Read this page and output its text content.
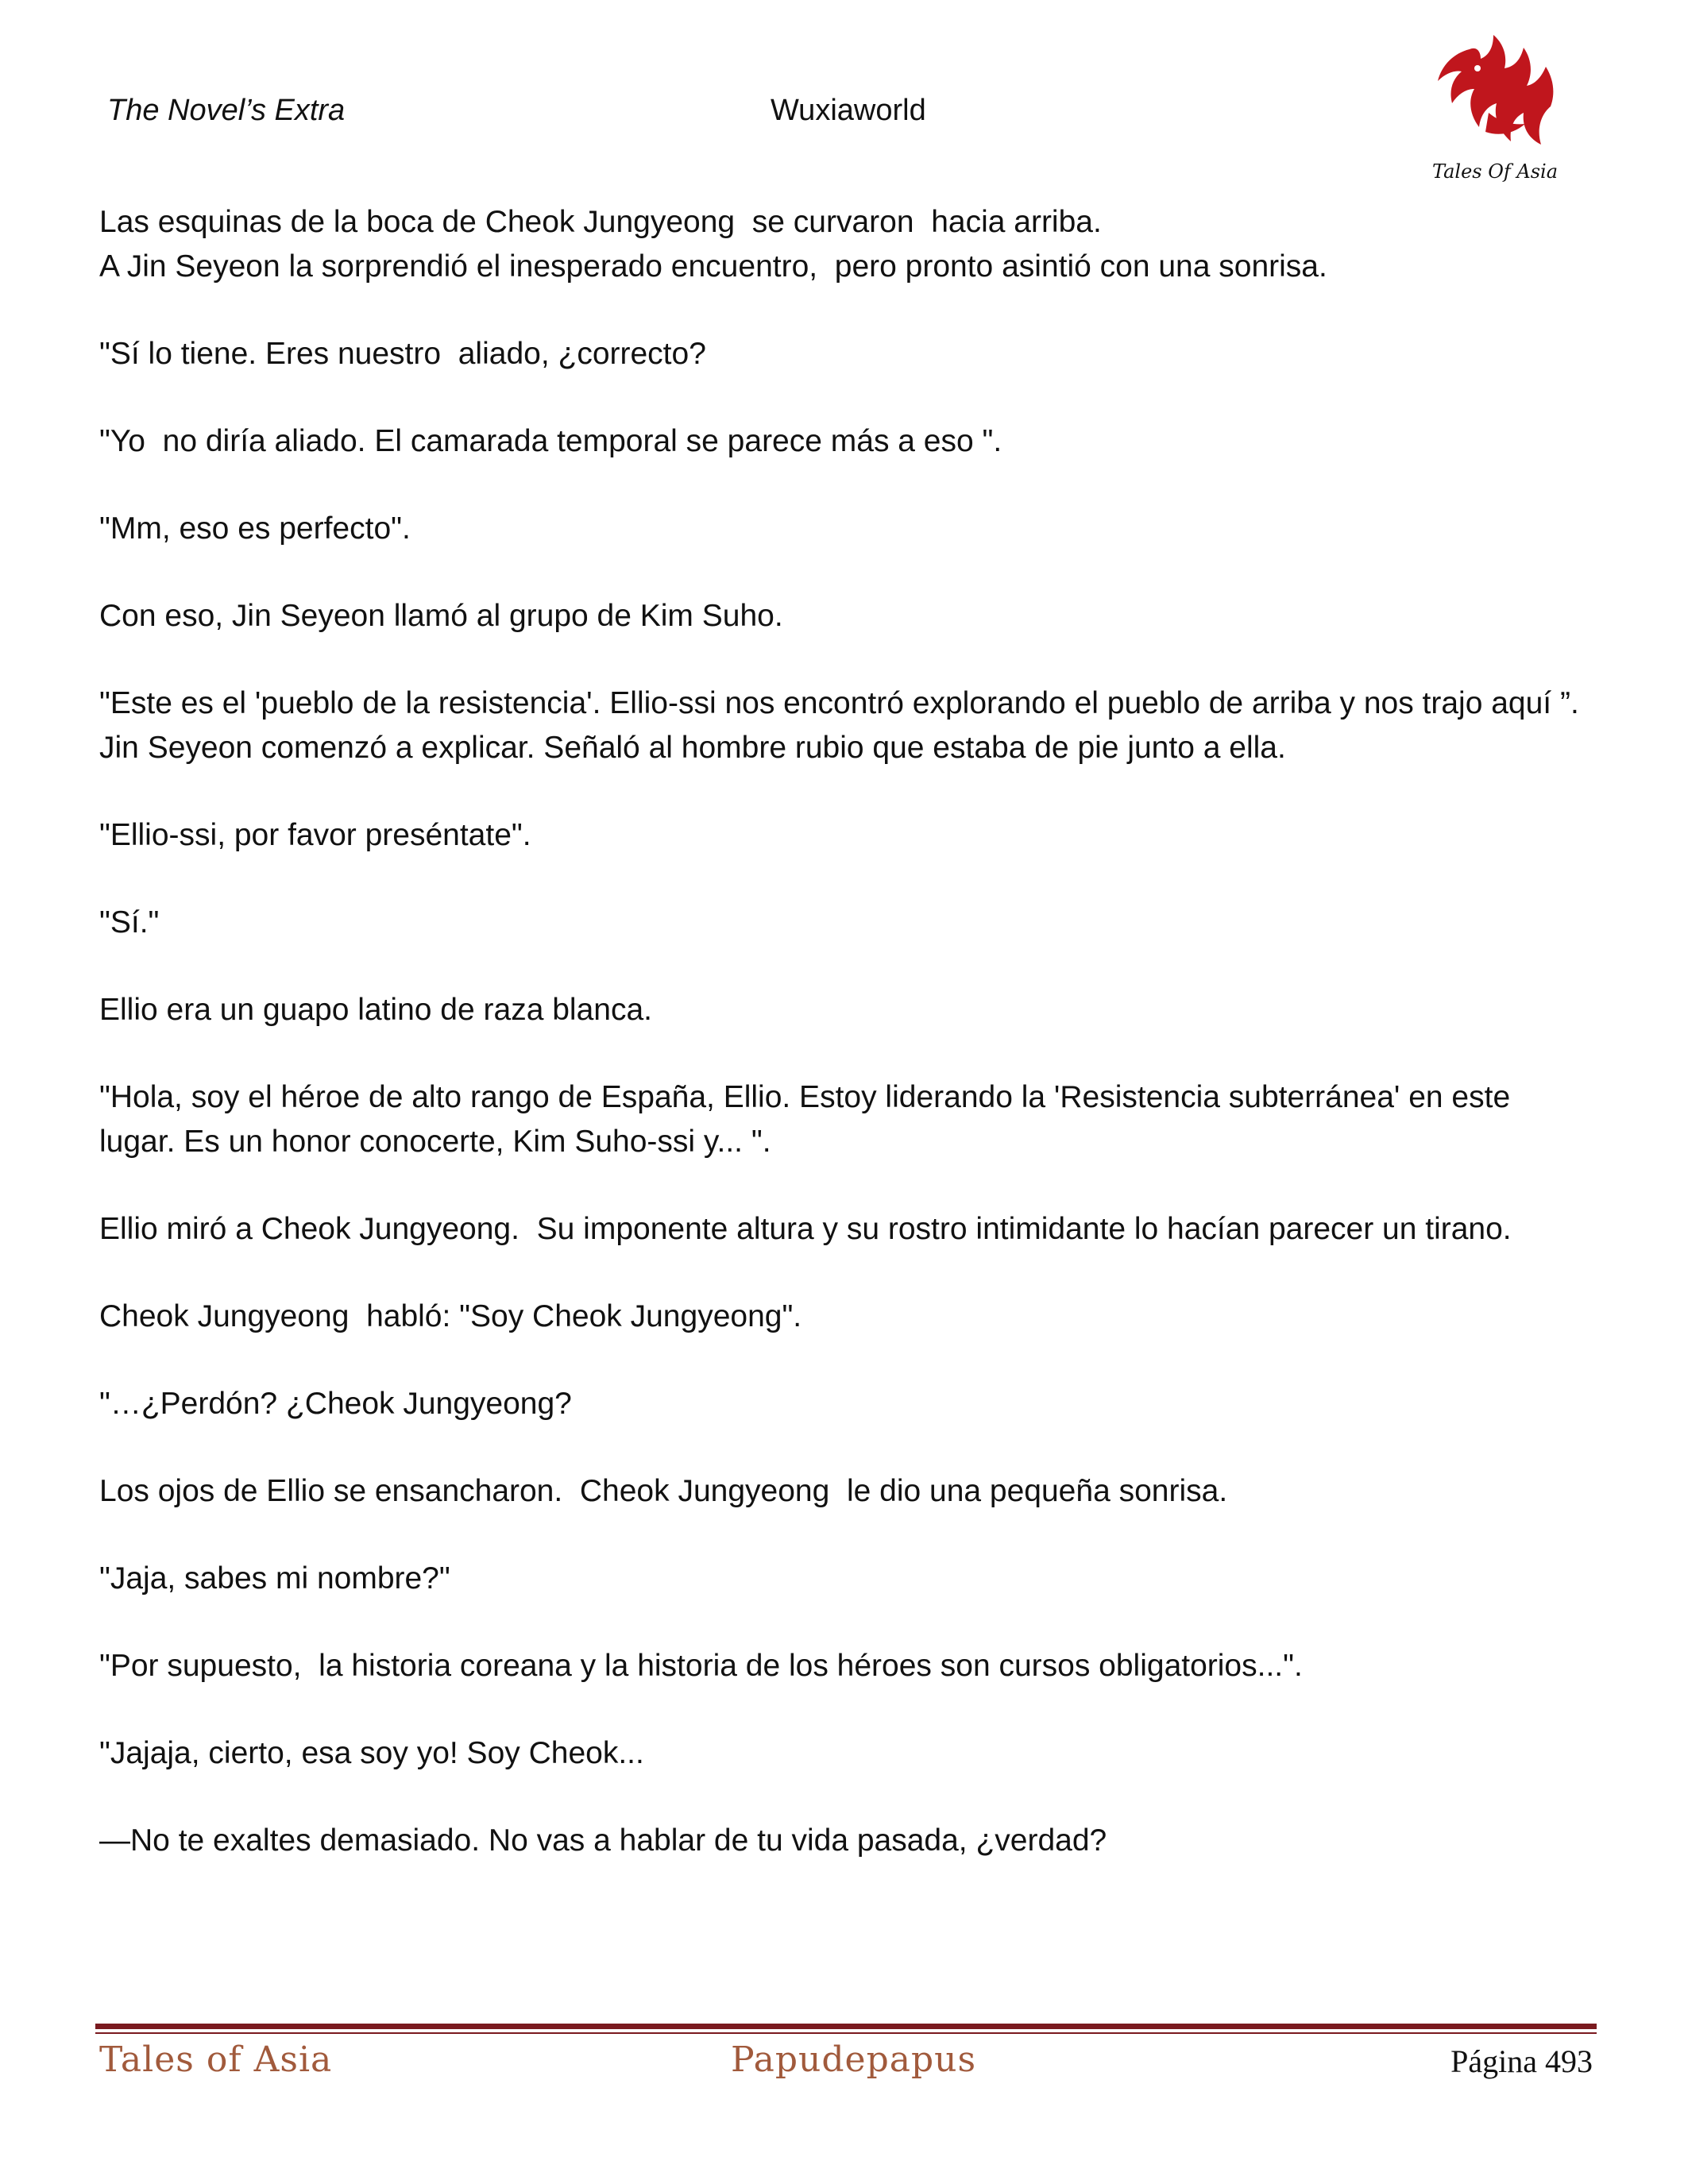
The Novel’s Extra	Wuxiaworld
Tales Of Asia

Las esquinas de la boca de Cheok Jungyeong  se curvaron  hacia arriba.

A Jin Seyeon la sorprendió el inesperado encuentro,  pero pronto asintió con una sonrisa.

"Sí lo tiene. Eres nuestro  aliado, ¿correcto?

"Yo  no diría aliado. El camarada temporal se parece más a eso ".

"Mm, eso es perfecto".

Con eso, Jin Seyeon llamó al grupo de Kim Suho.

"Este es el 'pueblo de la resistencia'. Ellio-ssi nos encontró explorando el pueblo de arriba y nos trajo aquí ”. Jin Seyeon comenzó a explicar. Señaló al hombre rubio que estaba de pie junto a ella.

"Ellio-ssi, por favor preséntate".

"Sí."

Ellio era un guapo latino de raza blanca.

"Hola, soy el héroe de alto rango de España, Ellio. Estoy liderando la 'Resistencia subterránea' en este lugar. Es un honor conocerte, Kim Suho-ssi y... ".

Ellio miró a Cheok Jungyeong.  Su imponente altura y su rostro intimidante lo hacían parecer un tirano.

Cheok Jungyeong  habló: "Soy Cheok Jungyeong".

"…¿Perdón? ¿Cheok Jungyeong?

Los ojos de Ellio se ensancharon.  Cheok Jungyeong  le dio una pequeña sonrisa.

"Jaja, sabes mi nombre?"

"Por supuesto,  la historia coreana y la historia de los héroes son cursos obligatorios...".

"Jajaja, cierto, esa soy yo! Soy Cheok...

—No te exaltes demasiado. No vas a hablar de tu vida pasada, ¿verdad?

Tales of Asia	Papudepapus	Página 493
